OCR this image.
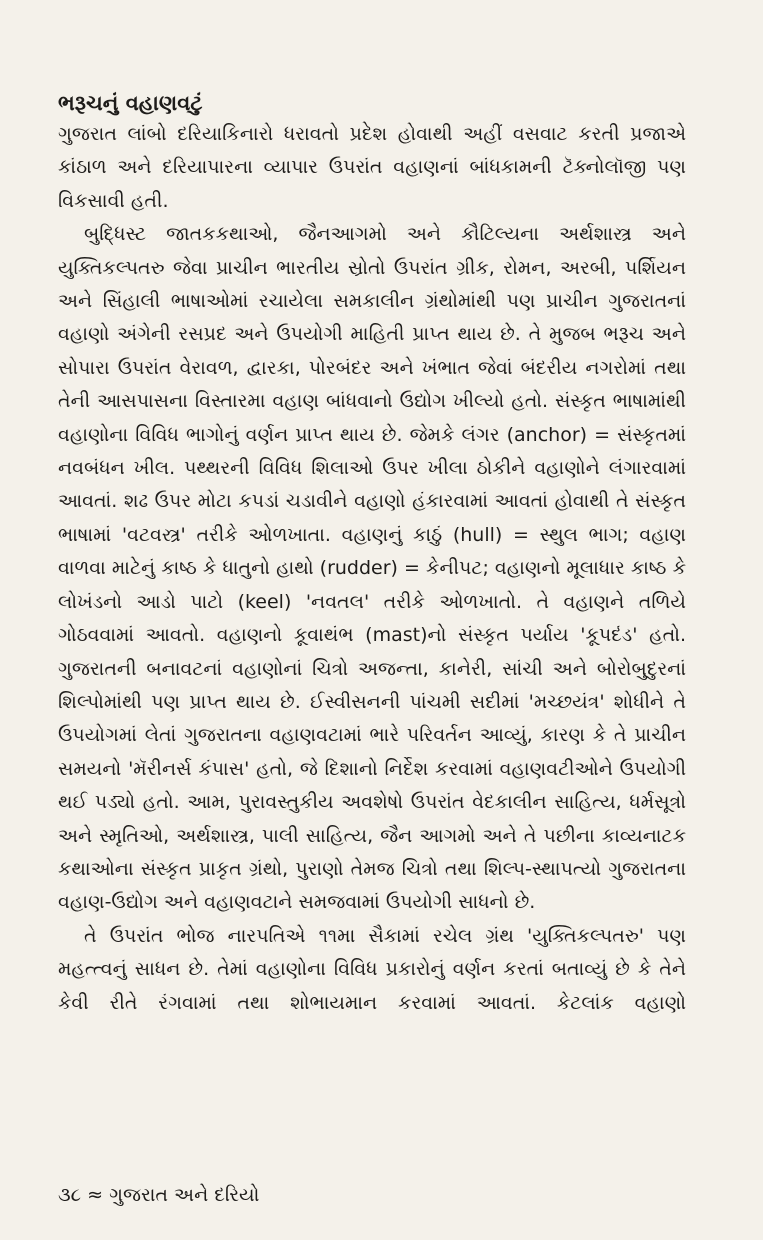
ભરૂચનું વહાણવટું

ગુજરાત લાંબો દરિયાકિનારો ધરાવતો પ્રદેશ હોવાથી અહીં વસવાટ કરતી પ્રજાએ કાંઠાળ અને દરિયાપારના વ્યાપાર ઉપરાંત વહાણનાં બાંધકામની ટૅક્નોલૉજી પણ વિકસાવી હતી.

બુદ્ધિસ્ટ જાતકકથાઓ, જૈનઆગમો અને કૌટિલ્યના અર્થશાસ્ત્ર અને યુક્તિકલ્પતરુ જેવા પ્રાચીન ભારતીય સ્રોતો ઉપરાંત ગ્રીક, રોમન, અરબી, પર્શિયન અને સિંહાલી ભાષાઓમાં રચાયેલા સમકાલીન ગ્રંથોમાંથી પણ પ્રાચીન ગુજરાતનાં વહાણો અંગેની રસપ્રદ અને ઉપયોગી માહિતી પ્રાપ્ત થાય છે. તે મુજબ ભરૂચ અને સોપારા ઉપરાંત વેરાવળ, દ્વારકા, પોરબંદર અને ખંભાત જેવાં બંદરીય નગરોમાં તથા તેની આસપાસના વિસ્તારમા વહાણ બાંધવાનો ઉદ્યોગ ખીલ્યો હતો. સંસ્કૃત ભાષામાંથી વહાણોના વિવિધ ભાગોનું વર્ણન પ્રાપ્ત થાય છે. જેમકે લંગર (anchor) = સંસ્કૃતમાં નવબંધન ખીલ. પથ્થરની વિવિધ શિલાઓ ઉપર ખીલા ઠોકીને વહાણોને લંગારવામાં આવતાં. શઢ ઉપર મોટા કપડાં ચડાવીને વહાણો હંકારવામાં આવતાં હોવાથી તે સંસ્કૃત ભાષામાં 'વટવસ્ત્ર' તરીકે ઓળખાતા. વહાણનું કાઠું (hull) = સ્થુલ ભાગ; વહાણ વાળવા માટેનું કાષ્ઠ કે ધાતુનો હાથો (rudder) = કેનીપટ; વહાણનો મૂલાધાર કાષ્ઠ કે લોખંડનો આડો પાટો (keel) 'નવતલ' તરીકે ઓળખાતો. તે વહાણને તળિયે ગોઠવવામાં આવતો. વહાણનો કૂવાથંભ (mast)નો સંસ્કૃત પર્યાય 'કૂપદંડ' હતો. ગુજરાતની બનાવટનાં વહાણોનાં ચિત્રો અજન્તા, કાનેરી, સાંચી અને બોરોબુદુરનાં શિલ્પોમાંથી પણ પ્રાપ્ત થાય છે. ઈસ્વીસનની પાંચમી સદીમાં 'મચ્છયંત્ર' શોધીને તે ઉપયોગમાં લેતાં ગુજરાતના વહાણવટામાં ભારે પરિવર્તન આવ્યું, કારણ કે તે પ્રાચીન સમયનો 'મૅરીનર્સ કંપાસ' હતો, જે દિશાનો નિર્દેશ કરવામાં વહાણવટીઓને ઉપયોગી થઈ પડ્યો હતો. આમ, પુરાવસ્તુકીય અવશેષો ઉપરાંત વેદકાલીન સાહિત્ય, ધર્મસૂત્રો અને સ્મૃતિઓ, અર્થશાસ્ત્ર, પાલી સાહિત્ય, જૈન આગમો અને તે પછીના કાવ્યનાટક કથાઓના સંસ્કૃત પ્રાકૃત ગ્રંથો, પુરાણો તેમજ ચિત્રો તથા શિલ્પ-સ્થાપત્યો ગુજરાતના વહાણ-ઉદ્યોગ અને વહાણવટાને સમજવામાં ઉપયોગી સાધનો છે.

તે ઉપરાંત ભોજ નારપતિએ ૧૧મા સૈકામાં રચેલ ગ્રંથ 'યુક્તિકલ્પતરુ' પણ મહત્ત્વનું સાધન છે. તેમાં વહાણોના વિવિધ પ્રકારોનું વર્ણન કરતાં બતાવ્યું છે કે તેને કેવી રીતે રંગવામાં તથા શોભાયમાન કરવામાં આવતાં. કેટલાંક વહાણો

૩૮ ≈ ગુજરાત અને દરિયો
